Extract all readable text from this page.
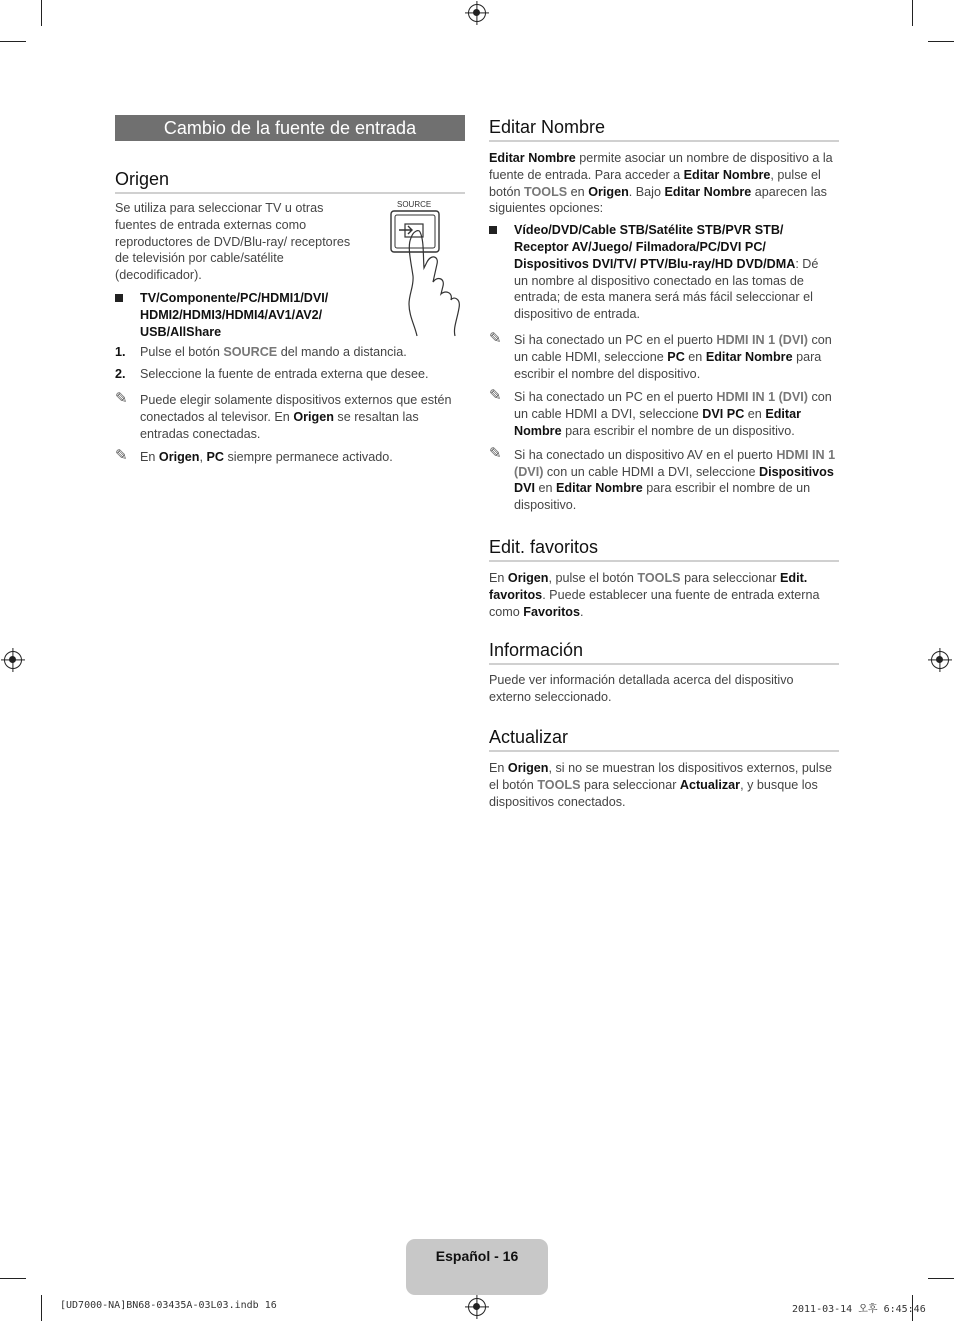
Cambio de la fuente de entrada
Origen

Se utiliza para seleccionar TV u otras fuentes de entrada externas como reproductores de DVD/Blu-ray/ receptores de televisión por cable/satélite (decodificador).

SOURCE
TV/Componente/PC/HDMI1/DVI/ HDMI2/HDMI3/HDMI4/AV1/AV2/ USB/AllShare
1. Pulse el botón SOURCE del mando a distancia.
2. Seleccione la fuente de entrada externa que desee.
✎ Puede elegir solamente dispositivos externos que estén conectados al televisor. En Origen se resaltan las entradas conectadas.
✎ En Origen, PC siempre permanece activado.
Editar Nombre

Editar Nombre permite asociar un nombre de dispositivo a la fuente de entrada. Para acceder a Editar Nombre, pulse el botón TOOLS en Origen. Bajo Editar Nombre aparecen las siguientes opciones:

Vídeo/DVD/Cable STB/Satélite STB/PVR STB/ Receptor AV/Juego/ Filmadora/PC/DVI PC/ Dispositivos DVI/TV/ PTV/Blu-ray/HD DVD/DMA: Dé un nombre al dispositivo conectado en las tomas de entrada; de esta manera será más fácil seleccionar el dispositivo de entrada.
✎ Si ha conectado un PC en el puerto HDMI IN 1 (DVI) con un cable HDMI, seleccione PC en Editar Nombre para escribir el nombre del dispositivo.
✎ Si ha conectado un PC en el puerto HDMI IN 1 (DVI) con un cable HDMI a DVI, seleccione DVI PC en Editar Nombre para escribir el nombre de un dispositivo.
✎ Si ha conectado un dispositivo AV en el puerto HDMI IN 1 (DVI) con un cable HDMI a DVI, seleccione Dispositivos DVI en Editar Nombre para escribir el nombre de un dispositivo.
Edit. favoritos

En Origen, pulse el botón TOOLS para seleccionar Edit. favoritos. Puede establecer una fuente de entrada externa como Favoritos.

Información

Puede ver información detallada acerca del dispositivo externo seleccionado.

Actualizar

En Origen, si no se muestran los dispositivos externos, pulse el botón TOOLS para seleccionar Actualizar, y busque los dispositivos conectados.

Español - 16
[UD7000-NA]BN68-03435A-03L03.indb 16	2011-03-14 오후 6:45:46
